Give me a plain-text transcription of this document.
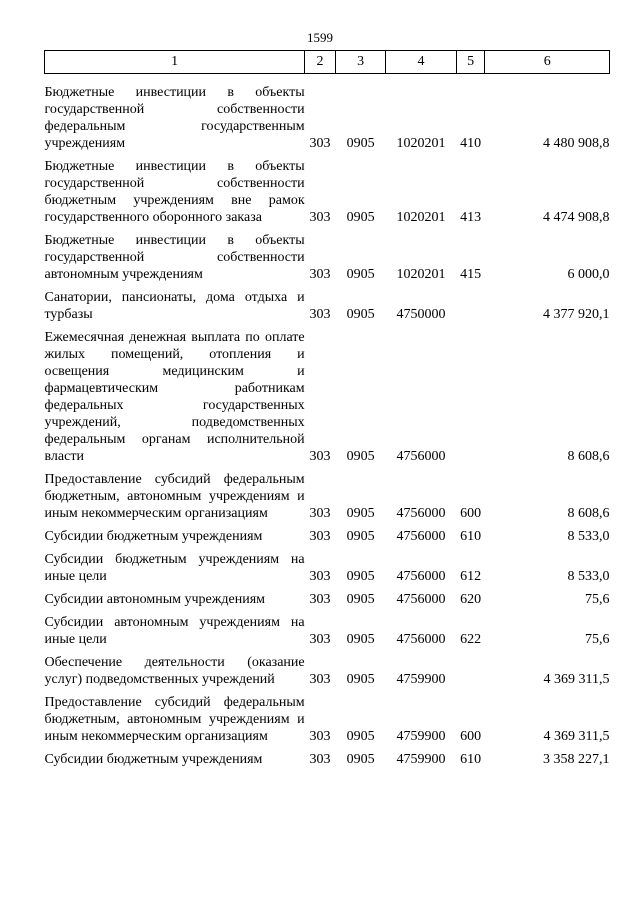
1599
1	2	3	4	5	6
Бюджетные инвестиции в объекты государственной собственности федеральным государственным учреждениям	303	0905	1020201	410	4 480 908,8
Бюджетные инвестиции в объекты государственной собственности бюджетным учреждениям вне рамок государственного оборонного заказа	303	0905	1020201	413	4 474 908,8
Бюджетные инвестиции в объекты государственной собственности автономным учреждениям	303	0905	1020201	415	6 000,0
Санатории, пансионаты, дома отдыха и турбазы	303	0905	4750000		4 377 920,1
Ежемесячная денежная выплата по оплате жилых помещений, отопления и освещения медицинским и фармацевтическим работникам федеральных государственных учреждений, подведомственных федеральным органам исполнительной власти	303	0905	4756000		8 608,6
Предоставление субсидий федеральным бюджетным, автономным учреждениям и иным некоммерческим организациям	303	0905	4756000	600	8 608,6
Субсидии бюджетным учреждениям	303	0905	4756000	610	8 533,0
Субсидии бюджетным учреждениям на иные цели	303	0905	4756000	612	8 533,0
Субсидии автономным учреждениям	303	0905	4756000	620	75,6
Субсидии автономным учреждениям на иные цели	303	0905	4756000	622	75,6
Обеспечение деятельности (оказание услуг) подведомственных учреждений	303	0905	4759900		4 369 311,5
Предоставление субсидий федеральным бюджетным, автономным учреждениям и иным некоммерческим организациям	303	0905	4759900	600	4 369 311,5
Субсидии бюджетным учреждениям	303	0905	4759900	610	3 358 227,1
